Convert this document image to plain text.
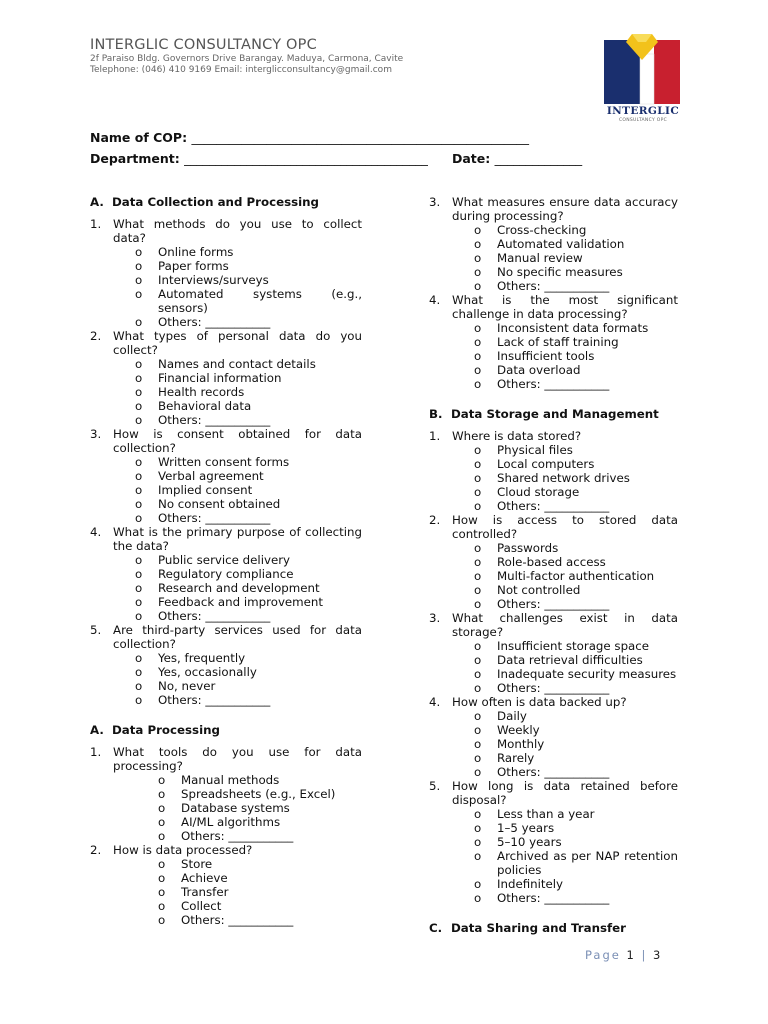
INTERGLIC CONSULTANCY OPC
2f Paraiso Bldg. Governors Drive Barangay. Maduya, Carmona, Cavite
Telephone: (046) 410 9169 Email: interglicconsultancy@gmail.com
INTERGLIC
CONSULTANCY OPC
Name of COP: ______________________________________________________
Department: _______________________________________ Date: ______________
A. Data Collection and Processing
1. What methods do you use to collect data?
o Online forms
o Paper forms
o Interviews/surveys
o Automated systems (e.g., sensors)
o Others: ___________
2. What types of personal data do you collect?
o Names and contact details
o Financial information
o Health records
o Behavioral data
o Others: ___________
3. How is consent obtained for data collection?
o Written consent forms
o Verbal agreement
o Implied consent
o No consent obtained
o Others: ___________
4. What is the primary purpose of collecting the data?
o Public service delivery
o Regulatory compliance
o Research and development
o Feedback and improvement
o Others: ___________
5. Are third-party services used for data collection?
o Yes, frequently
o Yes, occasionally
o No, never
o Others: ___________
A. Data Processing
1. What tools do you use for data processing?
o Manual methods
o Spreadsheets (e.g., Excel)
o Database systems
o AI/ML algorithms
o Others: ___________
2. How is data processed?
o Store
o Achieve
o Transfer
o Collect
o Others: ___________
3. What measures ensure data accuracy during processing?
o Cross-checking
o Automated validation
o Manual review
o No specific measures
o Others: ___________
4. What is the most significant challenge in data processing?
o Inconsistent data formats
o Lack of staff training
o Insufficient tools
o Data overload
o Others: ___________
B. Data Storage and Management
1. Where is data stored?
o Physical files
o Local computers
o Shared network drives
o Cloud storage
o Others: ___________
2. How is access to stored data controlled?
o Passwords
o Role-based access
o Multi-factor authentication
o Not controlled
o Others: ___________
3. What challenges exist in data storage?
o Insufficient storage space
o Data retrieval difficulties
o Inadequate security measures
o Others: ___________
4. How often is data backed up?
o Daily
o Weekly
o Monthly
o Rarely
o Others: ___________
5. How long is data retained before disposal?
o Less than a year
o 1–5 years
o 5–10 years
o Archived as per NAP retention policies
o Indefinitely
o Others: ___________
C. Data Sharing and Transfer
Page 1 | 3
